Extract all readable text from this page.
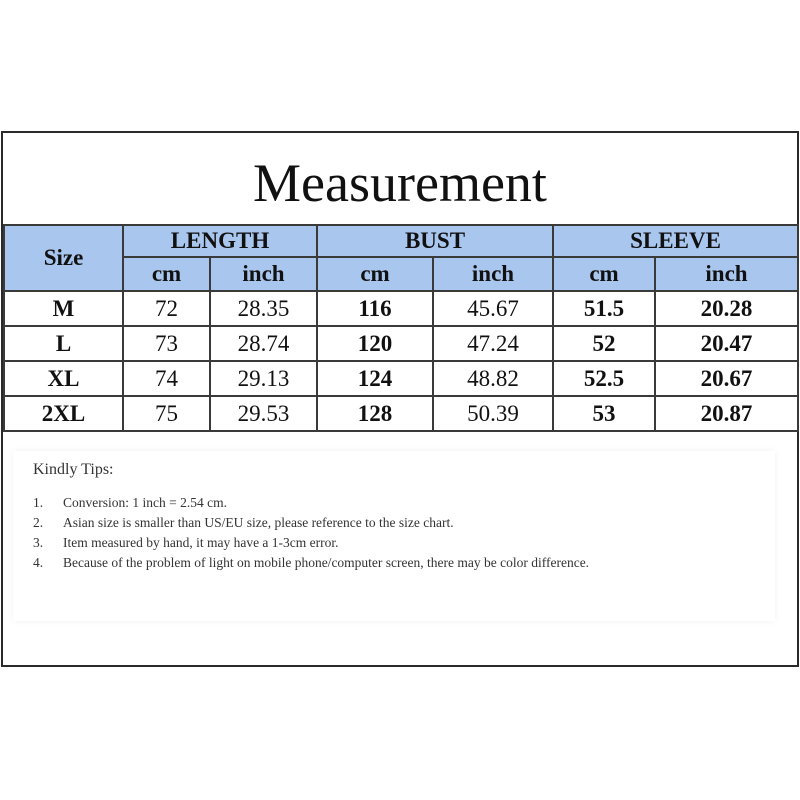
Measurement
Size	LENGTH		BUST		SLEEVE	
	cm	inch	cm	inch	cm	inch
M	72	28.35	116	45.67	51.5	20.28
L	73	28.74	120	47.24	52	20.47
XL	74	29.13	124	48.82	52.5	20.67
2XL	75	29.53	128	50.39	53	20.87
Kindly Tips:
1. Conversion: 1 inch = 2.54 cm.
2. Asian size is smaller than US/EU size, please reference to the size chart.
3. Item measured by hand, it may have a 1-3cm error.
4. Because of the problem of light on mobile phone/computer screen, there may be color difference.
